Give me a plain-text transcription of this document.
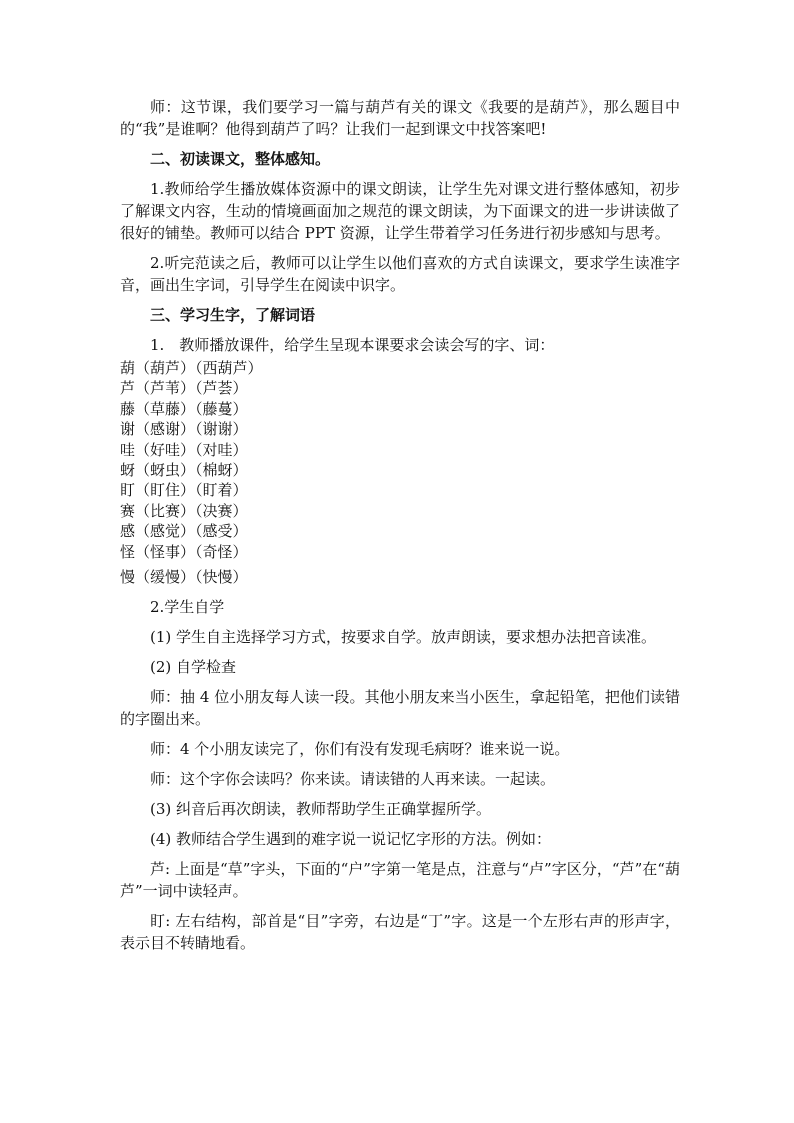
师：这节课，我们要学习一篇与葫芦有关的课文《我要的是葫芦》，那么题目中的“我”是谁啊？他得到葫芦了吗？让我们一起到课文中找答案吧!

二、初读课文，整体感知。

1.教师给学生播放媒体资源中的课文朗读，让学生先对课文进行整体感知，初步了解课文内容，生动的情境画面加之规范的课文朗读，为下面课文的进一步讲读做了很好的铺垫。教师可以结合 PPT 资源，让学生带着学习任务进行初步感知与思考。

2.听完范读之后，教师可以让学生以他们喜欢的方式自读课文，要求学生读准字音，画出生字词，引导学生在阅读中识字。

三、学习生字，了解词语

1.　教师播放课件，给学生呈现本课要求会读会写的字、词：

葫（葫芦）（西葫芦）
芦（芦苇）（芦荟）
藤（草藤）（藤蔓）
谢（感谢）（谢谢）
哇（好哇）（对哇）
蚜（蚜虫）（棉蚜）
盯（盯住）（盯着）
赛（比赛）（决赛）
感（感觉）（感受）
怪（怪事）（奇怪）

慢（缓慢）（快慢）

2.学生自学

(1) 学生自主选择学习方式，按要求自学。放声朗读，要求想办法把音读准。

(2) 自学检查

师：抽 4 位小朋友每人读一段。其他小朋友来当小医生，拿起铅笔，把他们读错的字圈出来。

师：4 个小朋友读完了，你们有没有发现毛病呀？谁来说一说。

师：这个字你会读吗？你来读。请读错的人再来读。一起读。

(3) 纠音后再次朗读，教师帮助学生正确掌握所学。

(4) 教师结合学生遇到的难字说一说记忆字形的方法。例如：

芦: 上面是“草”字头，下面的“户”字第一笔是点，注意与“卢”字区分，“芦”在“葫芦”一词中读轻声。

盯: 左右结构，部首是“目”字旁，右边是“丁”字。这是一个左形右声的形声字，表示目不转睛地看。
